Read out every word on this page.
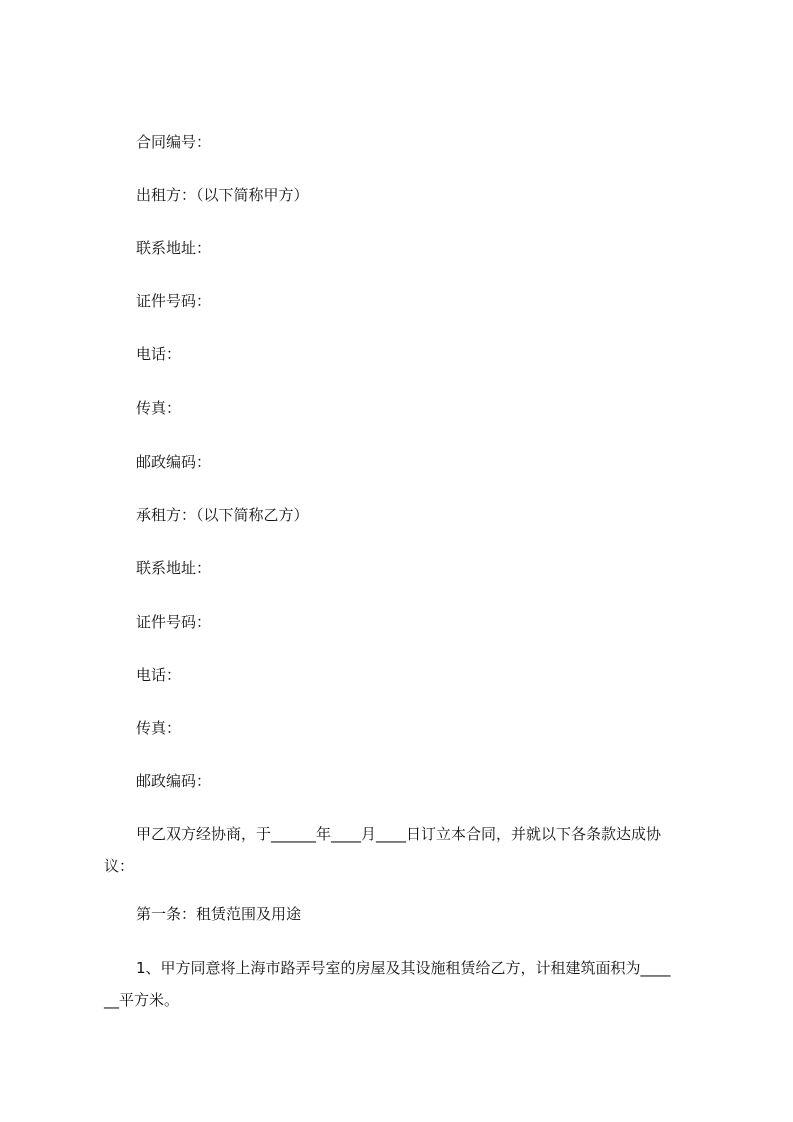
合同编号：
出租方：（以下简称甲方）
联系地址：
证件号码：
电话：
传真：
邮政编码：
承租方：（以下简称乙方）
联系地址：
证件号码：
电话：
传真：
邮政编码：
甲乙双方经协商，于______年____月____日订立本合同，并就以下各条款达成协
议：
第一条：租赁范围及用途
1、甲方同意将上海市路弄号室的房屋及其设施租赁给乙方，计租建筑面积为____
__平方米。
